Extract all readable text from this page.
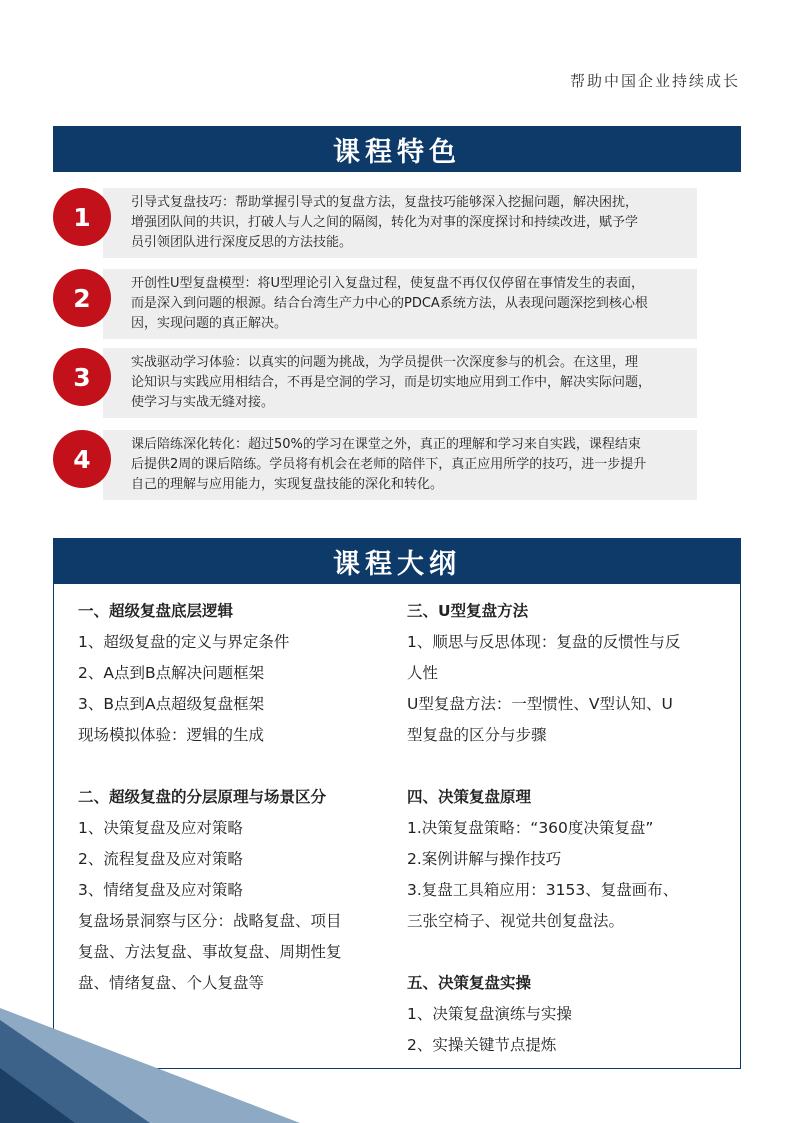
帮助中国企业持续成长
课程特色
1	引导式复盘技巧：帮助掌握引导式的复盘方法，复盘技巧能够深入挖掘问题，解决困扰，
增强团队间的共识，打破人与人之间的隔阂，转化为对事的深度探讨和持续改进，赋予学
员引领团队进行深度反思的方法技能。
2	开创性U型复盘模型：将U型理论引入复盘过程，使复盘不再仅仅停留在事情发生的表面，
而是深入到问题的根源。结合台湾生产力中心的PDCA系统方法，从表现问题深挖到核心根
因，实现问题的真正解决。
3	实战驱动学习体验：以真实的问题为挑战，为学员提供一次深度参与的机会。在这里，理
论知识与实践应用相结合，不再是空洞的学习，而是切实地应用到工作中，解决实际问题，
使学习与实战无缝对接。
4	课后陪练深化转化：超过50%的学习在课堂之外，真正的理解和学习来自实践，课程结束
后提供2周的课后陪练。学员将有机会在老师的陪伴下，真正应用所学的技巧，进一步提升
自己的理解与应用能力，实现复盘技能的深化和转化。
课程大纲
一、超级复盘底层逻辑
1、超级复盘的定义与界定条件
2、A点到B点解决问题框架
3、B点到A点超级复盘框架
现场模拟体验：逻辑的生成
二、超级复盘的分层原理与场景区分
1、决策复盘及应对策略
2、流程复盘及应对策略
3、情绪复盘及应对策略
复盘场景洞察与区分：战略复盘、项目
复盘、方法复盘、事故复盘、周期性复
盘、情绪复盘、个人复盘等
三、U型复盘方法
1、顺思与反思体现：复盘的反惯性与反
人性
U型复盘方法：一型惯性、V型认知、U
型复盘的区分与步骤
四、决策复盘原理
1.决策复盘策略：“360度决策复盘”
2.案例讲解与操作技巧
3.复盘工具箱应用：3153、复盘画布、
三张空椅子、视觉共创复盘法。
五、决策复盘实操
1、决策复盘演练与实操
2、实操关键节点提炼
